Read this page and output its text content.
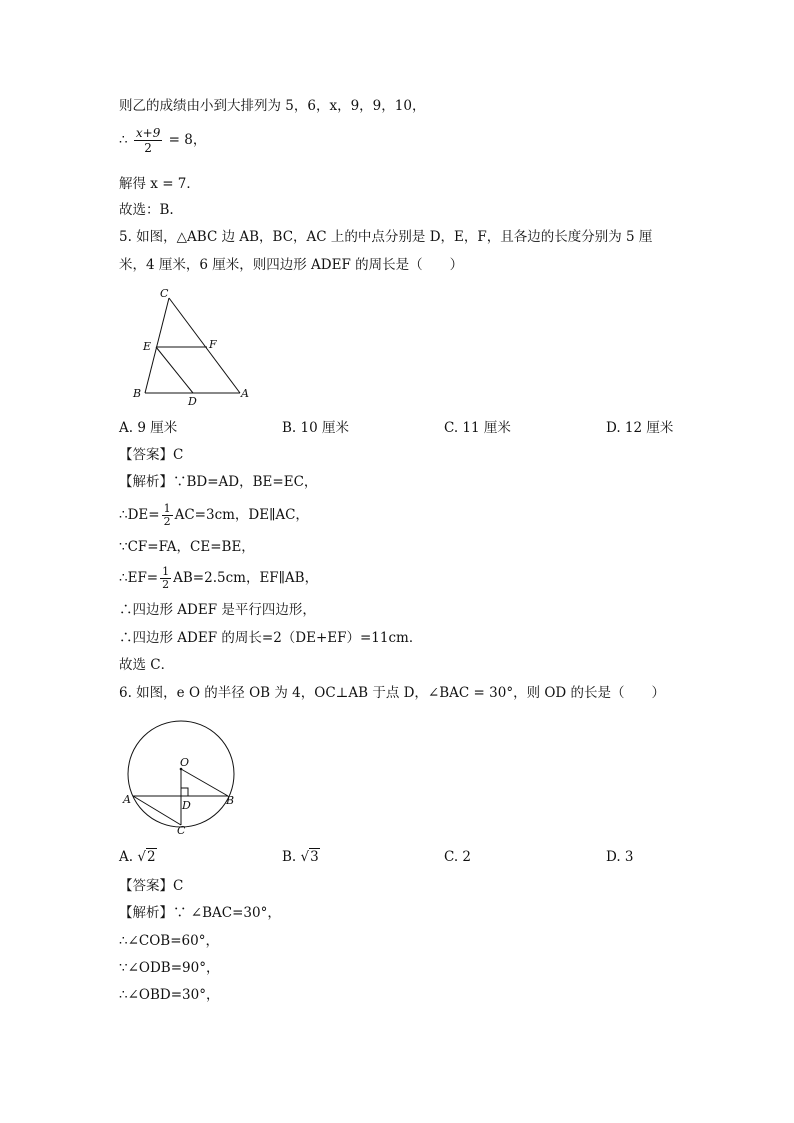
则乙的成绩由小到大排列为 5，6，x，9，9，10，
∴ $\frac{x+9}{2} = 8$，
解得 x = 7．
故选：B.
5. 如图，△ABC 边 AB，BC，AC 上的中点分别是 D，E，F，且各边的长度分别为 5 厘
米，4 厘米，6 厘米，则四边形 ADEF 的周长是（　　）
C
E	F
B
D
A
A. 9 厘米	B. 10 厘米	C. 11 厘米	D. 12 厘米
【答案】C
【解析】∵BD=AD，BE=EC，
∴DE= $\frac{1}{2} AC=3cm$，DE∥AC，
∵CF=FA，CE=BE，
∴EF= $\frac{1}{2} AB=2.5cm$，EF∥AB，
∴四边形 ADEF 是平行四边形，
∴四边形 ADEF 的周长=2（DE+EF）=11cm．
故选 C．
6. 如图，e O 的半径 OB 为 4，OC⊥AB 于点 D，∠BAC = 30°，则 OD 的长是（　　）
O
A	B
D
C
A. √2	B. √3	C. 2	D. 3
【答案】C
【解析】∵ ∠BAC=30°，
∴∠COB=60°，
∵∠ODB=90°，
∴∠OBD=30°，
